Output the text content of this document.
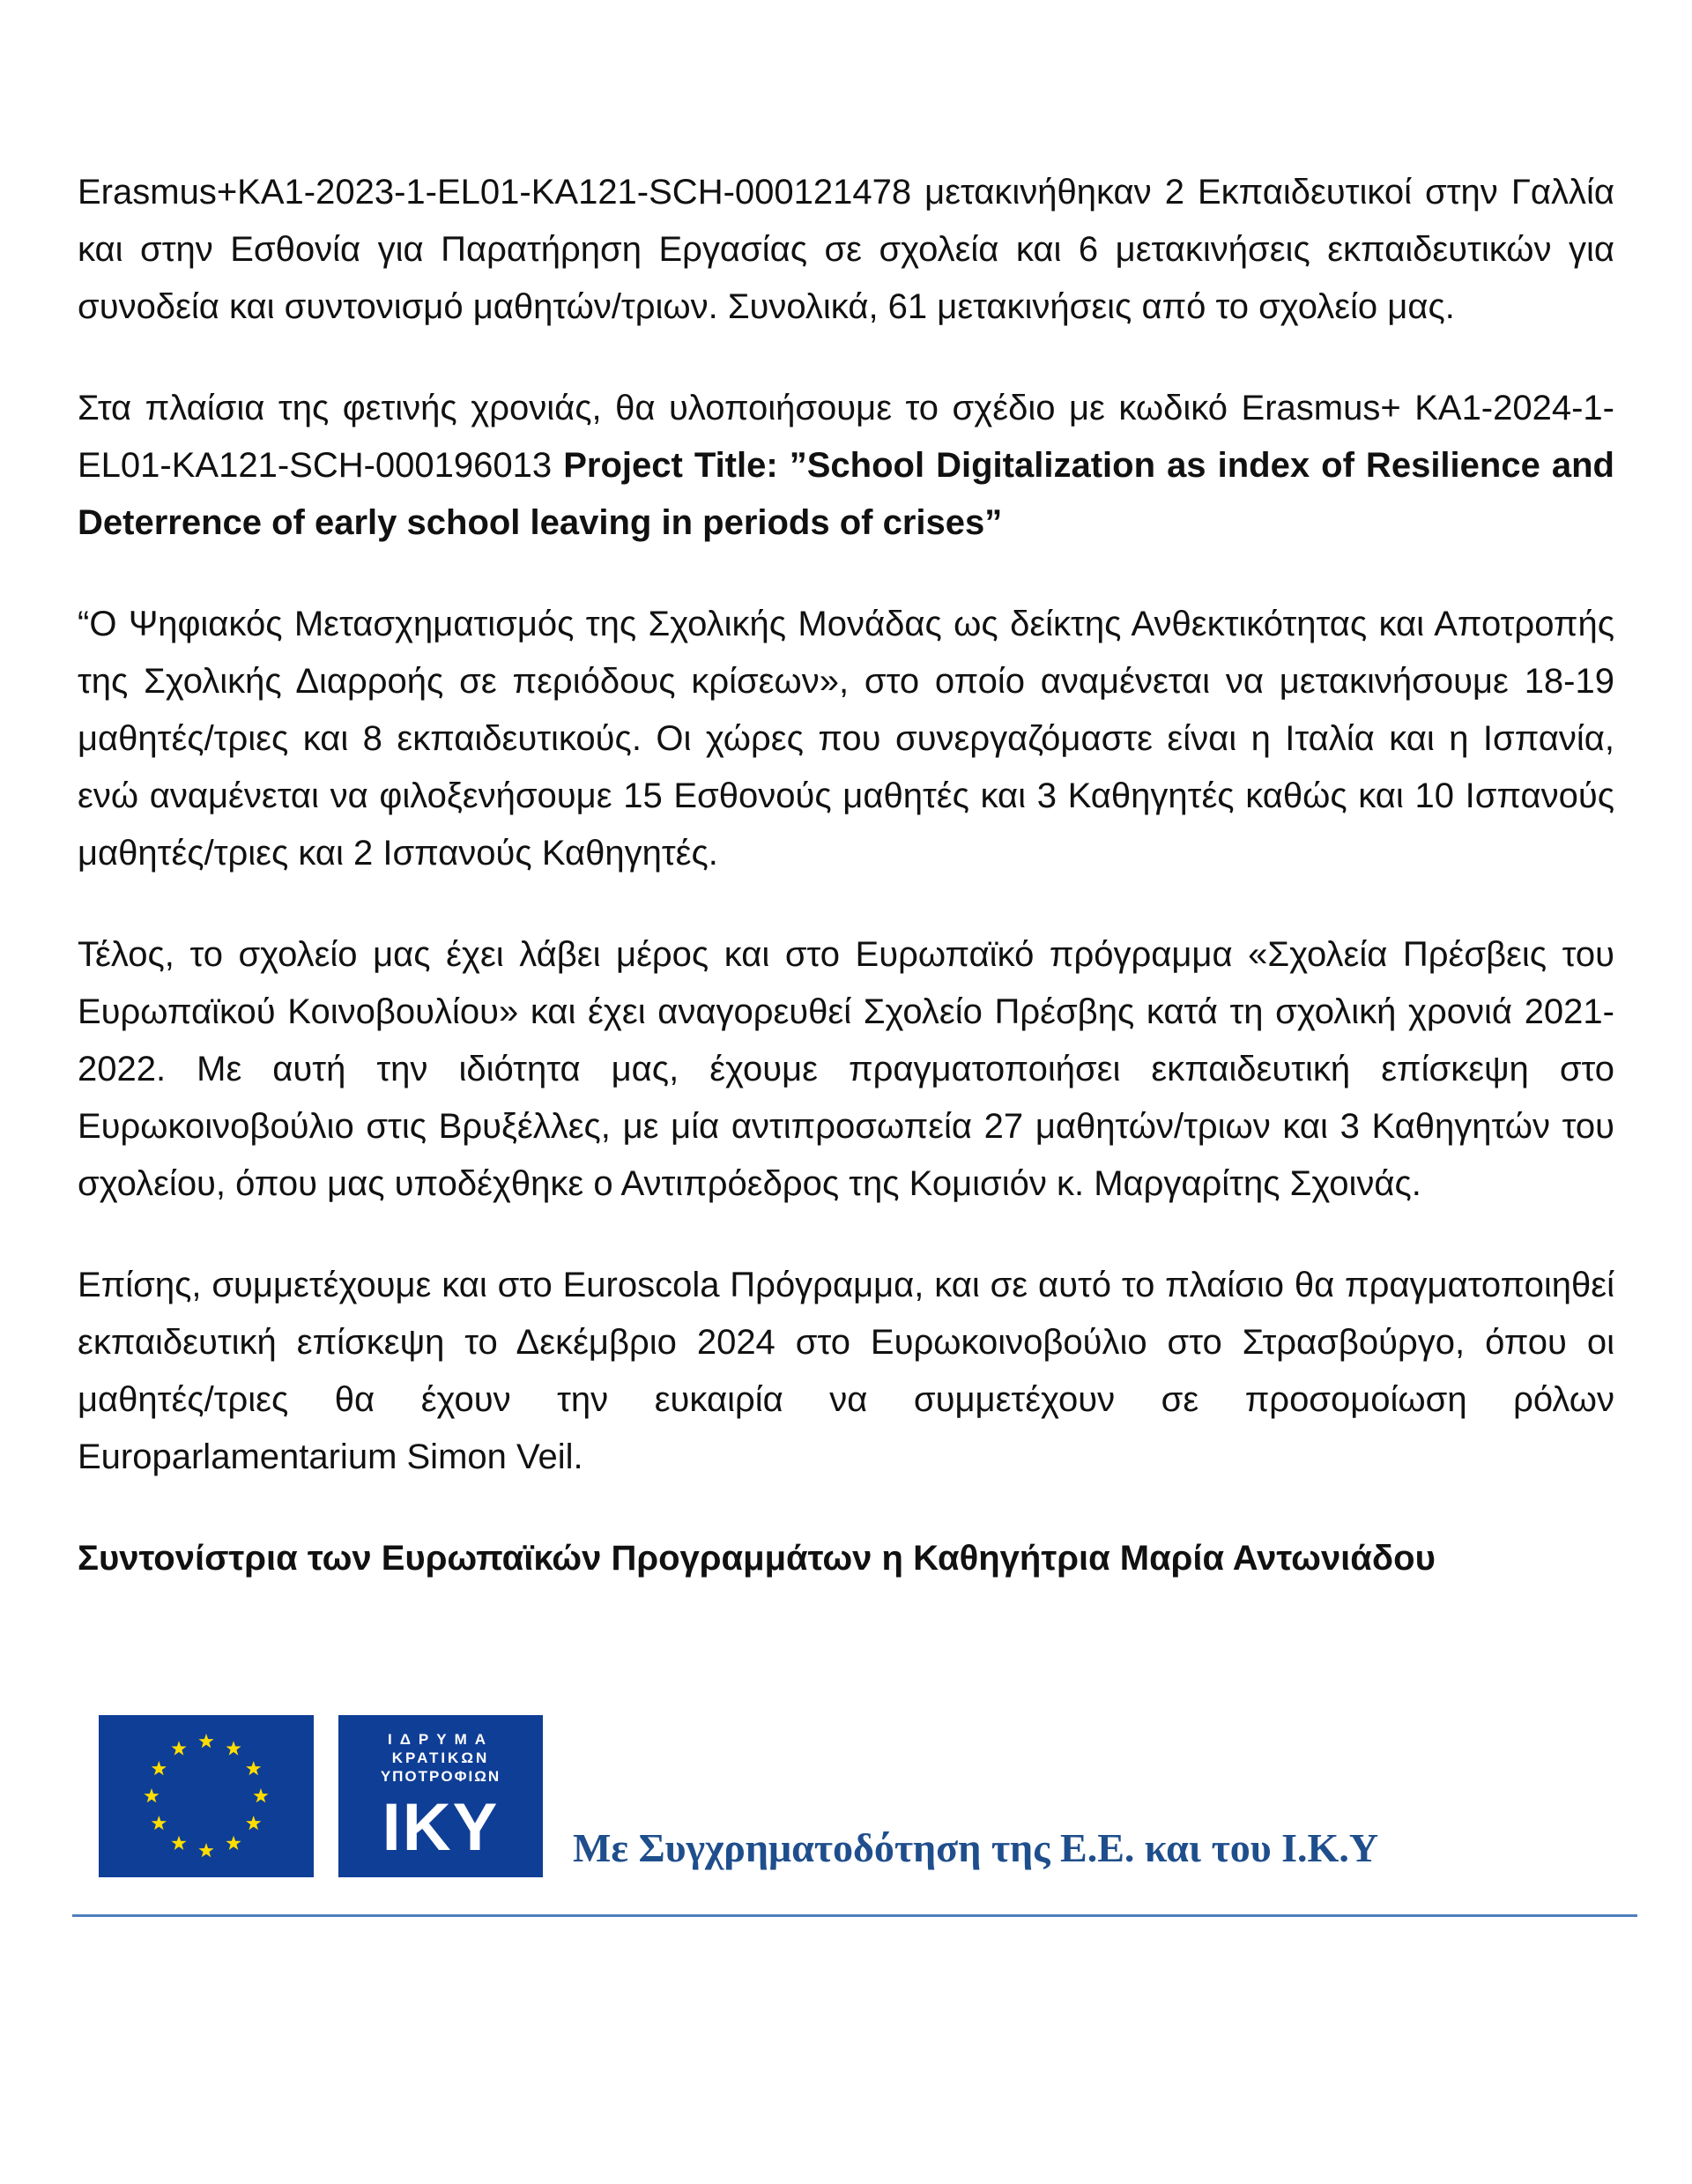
Erasmus+KA1-2023-1-EL01-KA121-SCH-000121478 μετακινήθηκαν 2 Εκπαιδευτικοί στην Γαλλία και στην Εσθονία για Παρατήρηση Εργασίας σε σχολεία και 6 μετακινήσεις εκπαιδευτικών για συνοδεία και συντονισμό μαθητών/τριων. Συνολικά, 61 μετακινήσεις από το σχολείο μας.

Στα πλαίσια της φετινής χρονιάς, θα υλοποιήσουμε το σχέδιο με κωδικό Erasmus+ KA1-2024-1-EL01-KA121-SCH-000196013 Project Title: ”School Digitalization as index of Resilience and Deterrence of early school leaving in periods of crises”

“Ο Ψηφιακός Μετασχηματισμός της Σχολικής Μονάδας ως δείκτης Ανθεκτικότητας και Αποτροπής της Σχολικής Διαρροής σε περιόδους κρίσεων», στο οποίο αναμένεται να μετακινήσουμε 18-19 μαθητές/τριες και 8 εκπαιδευτικούς. Οι χώρες που συνεργαζόμαστε είναι η Ιταλία και η Ισπανία, ενώ αναμένεται να φιλοξενήσουμε 15 Εσθονούς μαθητές και 3 Καθηγητές καθώς και 10 Ισπανούς μαθητές/τριες και 2 Ισπανούς Καθηγητές.

Τέλος, το σχολείο μας έχει λάβει μέρος και στο Ευρωπαϊκό πρόγραμμα «Σχολεία Πρέσβεις του Ευρωπαϊκού Κοινοβουλίου» και έχει αναγορευθεί Σχολείο Πρέσβης κατά τη σχολική χρονιά 2021-2022. Με αυτή την ιδιότητα μας, έχουμε πραγματοποιήσει εκπαιδευτική επίσκεψη στο Ευρωκοινοβούλιο στις Βρυξέλλες, με μία αντιπροσωπεία 27 μαθητών/τριων και 3 Καθηγητών του σχολείου, όπου μας υποδέχθηκε ο Αντιπρόεδρος της Κομισιόν κ. Μαργαρίτης Σχοινάς.

Επίσης, συμμετέχουμε και στο Euroscola Πρόγραμμα, και σε αυτό το πλαίσιο θα πραγματοποιηθεί εκπαιδευτική επίσκεψη το Δεκέμβριο 2024 στο Ευρωκοινοβούλιο στο Στρασβούργο, όπου οι μαθητές/τριες θα έχουν την ευκαιρία να συμμετέχουν σε προσομοίωση ρόλων Europarlamentarium Simon Veil.

Συντονίστρια των Ευρωπαϊκών Προγραμμάτων η Καθηγήτρια Μαρία Αντωνιάδου

ΙΔΡΥΜΑ
ΚΡΑΤΙΚΩΝ
ΥΠΟΤΡΟΦΙΩΝ
IKY	Με Συγχρηματοδότηση της Ε.Ε. και του Ι.Κ.Υ
